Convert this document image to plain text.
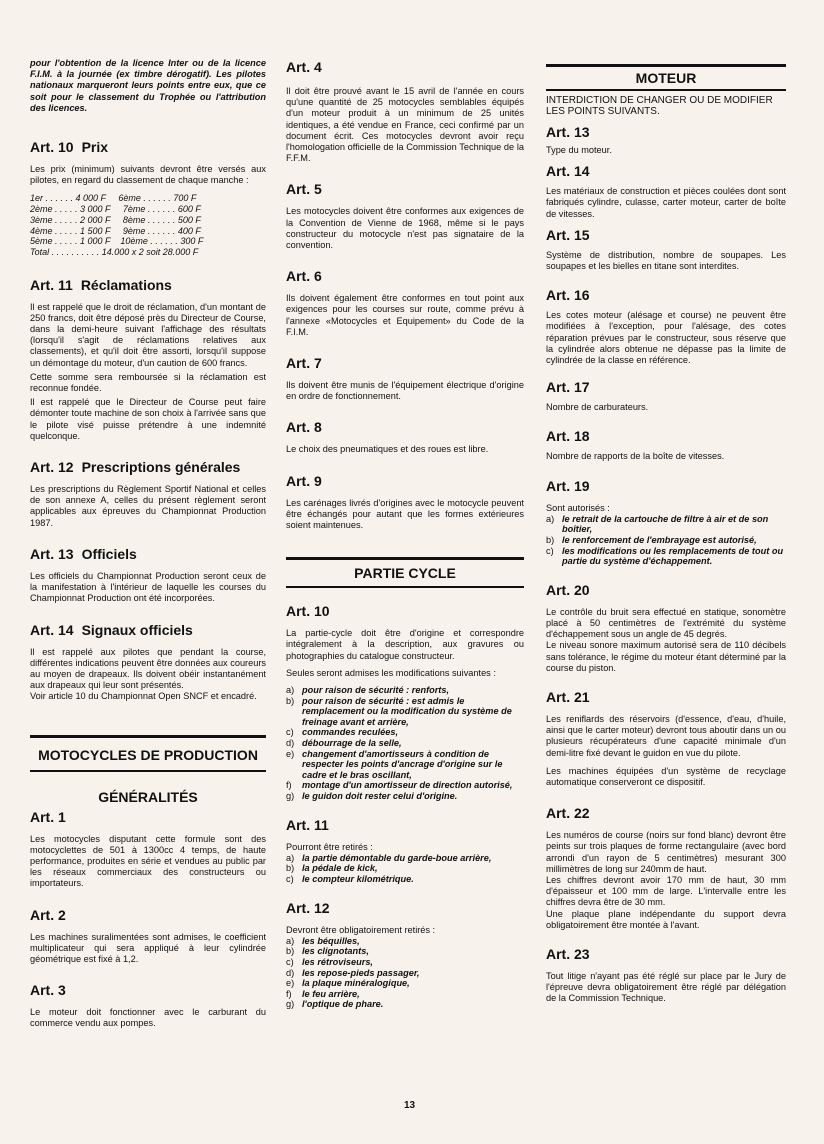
pour l'obtention de la licence Inter ou de la licence F.I.M. à la journée (ex timbre dérogatif). Les pilotes nationaux marqueront leurs points entre eux, que ce soit pour le classement du Trophée ou l'attribution des licences.

Art. 10 Prix

Les prix (minimum) suivants devront être versés aux pilotes, en regard du classement de chaque manche :

1er . . . . . . 4 000 F     6ème . . . . . . 700 F
2ème . . . . . 3 000 F     7ème . . . . . . 600 F
3ème . . . . . 2 000 F     8ème . . . . . . 500 F
4ème . . . . . 1 500 F     9ème . . . . . . 400 F
5ème . . . . . 1 000 F    10ème . . . . . . 300 F
Total . . . . . . . . . . 14.000 x 2 soit 28.000 F
Art. 11 Réclamations

Il est rappelé que le droit de réclamation, d'un montant de 250 francs, doit être déposé près du Directeur de Course, dans la demi-heure suivant l'affichage des résultats (lorsqu'il s'agit de réclamations relatives aux classements), et qu'il doit être assorti, lorsqu'il suppose un démontage du moteur, d'un caution de 600 francs.

Cette somme sera remboursée si la réclamation est reconnue fondée.

Il est rappelé que le Directeur de Course peut faire démonter toute machine de son choix à l'arrivée sans que le pilote visé puisse prétendre à une indemnité quelconque.

Art. 12 Prescriptions générales

Les prescriptions du Règlement Sportif National et celles de son annexe A, celles du présent règlement seront applicables aux épreuves du Championnat Production 1987.

Art. 13 Officiels

Les officiels du Championnat Production seront ceux de la manifestation à l'intérieur de laquelle les courses du Championnat Production ont été incorporées.

Art. 14 Signaux officiels

Il est rappelé aux pilotes que pendant la course, différentes indications peuvent être données aux coureurs au moyen de drapeaux. Ils doivent obéir instantanément aux drapeaux qui leur sont présentés.

Voir article 10 du Championnat Open SNCF et encadré.

MOTOCYCLES DE PRODUCTION
GÉNÉRALITÉS
Art. 1

Les motocycles disputant cette formule sont des motocyclettes de 501 à 1300cc 4 temps, de haute performance, produites en série et vendues au public par les réseaux commerciaux des constructeurs ou importateurs.

Art. 2

Les machines suralimentées sont admises, le coefficient multiplicateur qui sera appliqué à leur cylindrée géométrique est fixé à 1,2.

Art. 3

Le moteur doit fonctionner avec le carburant du commerce vendu aux pompes.

Art. 4

Il doit être prouvé avant le 15 avril de l'année en cours qu'une quantité de 25 motocycles semblables équipés d'un moteur produit à un minimum de 25 unités identiques, a été vendue en France, ceci confirmé par un document écrit. Ces motocycles devront avoir reçu l'homologation officielle de la Commission Technique de la F.F.M.

Art. 5

Les motocycles doivent être conformes aux exigences de la Convention de Vienne de 1968, même si le pays constructeur du motocycle n'est pas signataire de la convention.

Art. 6

Ils doivent également être conformes en tout point aux exigences pour les courses sur route, comme prévu à l'annexe «Motocycles et Equipement» du Code de la F.I.M.

Art. 7

Ils doivent être munis de l'équipement électrique d'origine en ordre de fonctionnement.

Art. 8

Le choix des pneumatiques et des roues est libre.

Art. 9

Les carénages livrés d'origines avec le motocycle peuvent être échangés pour autant que les formes extérieures soient maintenues.

PARTIE CYCLE
Art. 10

La partie-cycle doit être d'origine et correspondre intégralement à la description, aux gravures ou photographies du catalogue constructeur.

Seules seront admises les modifications suivantes :

a) pour raison de sécurité : renforts,
b) pour raison de sécurité : est admis le remplacement ou la modification du système de freinage avant et arrière,
c) commandes reculées,
d) débourrage de la selle,
e) changement d'amortisseurs à condition de respecter les points d'ancrage d'origine sur le cadre et le bras oscillant,
f) montage d'un amortisseur de direction autorisé,
g) le guidon doit rester celui d'origine.
Art. 11

Pourront être retirés :

a) la partie démontable du garde-boue arrière,
b) la pédale de kick,
c) le compteur kilométrique.
Art. 12

Devront être obligatoirement retirés :

a) les béquilles,
b) les clignotants,
c) les rétroviseurs,
d) les repose-pieds passager,
e) la plaque minéralogique,
f) le feu arrière,
g) l'optique de phare.
MOTEUR

INTERDICTION DE CHANGER OU DE MODIFIER LES POINTS SUIVANTS.

Art. 13

Type du moteur.

Art. 14

Les matériaux de construction et pièces coulées dont sont fabriqués cylindre, culasse, carter moteur, carter de boîte de vitesses.

Art. 15

Système de distribution, nombre de soupapes. Les soupapes et les bielles en titane sont interdites.

Art. 16

Les cotes moteur (alésage et course) ne peuvent être modifiées à l'exception, pour l'alésage, des cotes réparation prévues par le constructeur, sous réserve que la cylindrée alors obtenue ne dépasse pas la limite de cylindrée de la classe en référence.

Art. 17

Nombre de carburateurs.

Art. 18

Nombre de rapports de la boîte de vitesses.

Art. 19

Sont autorisés :

a) le retrait de la cartouche de filtre à air et de son boîtier,
b) le renforcement de l'embrayage est autorisé,
c) les modifications ou les remplacements de tout ou partie du système d'échappement.
Art. 20

Le contrôle du bruit sera effectué en statique, sonomètre placé à 50 centimètres de l'extrémité du système d'échappement sous un angle de 45 degrés.

Le niveau sonore maximum autorisé sera de 110 décibels sans tolérance, le régime du moteur étant déterminé par la course du piston.

Art. 21

Les reniflards des réservoirs (d'essence, d'eau, d'huile, ainsi que le carter moteur) devront tous aboutir dans un ou plusieurs récupérateurs d'une capacité minimale d'un demi-litre fixé devant le guidon en vue du pilote.

Les machines équipées d'un système de recyclage automatique conserveront ce dispositif.

Art. 22

Les numéros de course (noirs sur fond blanc) devront être peints sur trois plaques de forme rectangulaire (avec bord arrondi d'un rayon de 5 centimètres) mesurant 300 millimètres de long sur 240mm de haut.

Les chiffres devront avoir 170 mm de haut, 30 mm d'épaisseur et 100 mm de large. L'intervalle entre les chiffres devra être de 30 mm.

Une plaque plane indépendante du support devra obligatoirement être montée à l'avant.

Art. 23

Tout litige n'ayant pas été réglé sur place par le Jury de l'épreuve devra obligatoirement être réglé par délégation de la Commission Technique.

13
